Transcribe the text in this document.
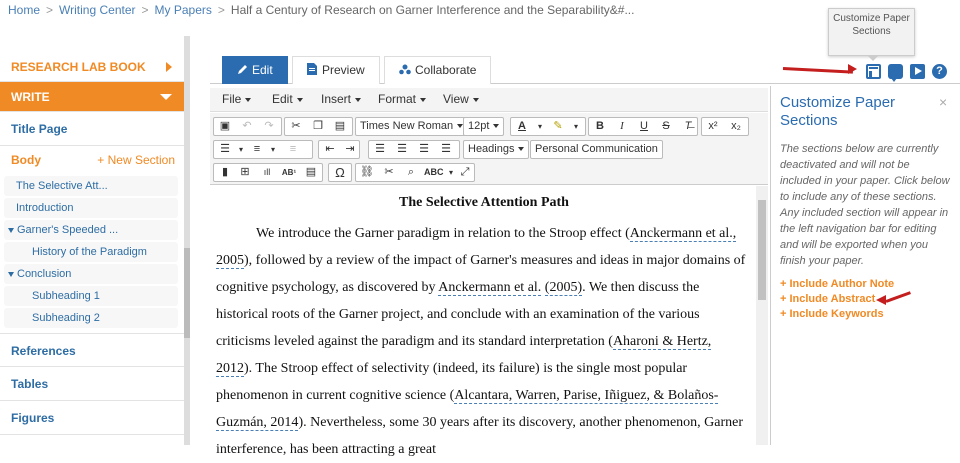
Home > Writing Center > My Papers > Half a Century of Research on Garner Interference and the Separability&#...
Customize Paper Sections
RESEARCH LAB BOOK
WRITE
Title Page
Body	+ New Section
The Selective Att...
Introduction
Garner's Speeded ...
History of the Paradigm
Conclusion
Subheading 1
Subheading 2
References
Tables
Figures
Edit	Preview	Collaborate	?
File	Edit	Insert	Format	View
▣	↶	↷	✂	❐	▤	Times New Roman	12pt	A	▾	✎	▾	B	I	U	S	T̶	x²	x₂
☰	▾ ≡	▾	≡	⇤ ⇥	☰	☰	☰	☰	Headings	Personal Communication
▮	⊞	ıll	AB¹ ▤	Ω	⛓ ✂	⌕	ABC ▾ ⤢
The Selective Attention Path
We introduce the Garner paradigm in relation to the Stroop effect (Anckermann et al., 2005), followed by a review of the impact of Garner's measures and ideas in major domains of cognitive psychology, as discovered by Anckermann et al. (2005). We then discuss the historical roots of the Garner project, and conclude with an examination of the various criticisms leveled against the paradigm and its standard interpretation (Aharoni & Hertz, 2012). The Stroop effect of selectivity (indeed, its failure) is the single most popular phenomenon in current cognitive science (Alcantara, Warren, Parise, Iñiguez, & Bolaños-Guzmán, 2014). Nevertheless, some 30 years after its discovery, another phenomenon, Garner interference, has been attracting a great
Customize Paper Sections
×
The sections below are currently deactivated and will not be included in your paper. Click below to include any of these sections. Any included section will appear in the left navigation bar for editing and will be exported when you finish your paper.
+ Include Author Note
+ Include Abstract
+ Include Keywords
